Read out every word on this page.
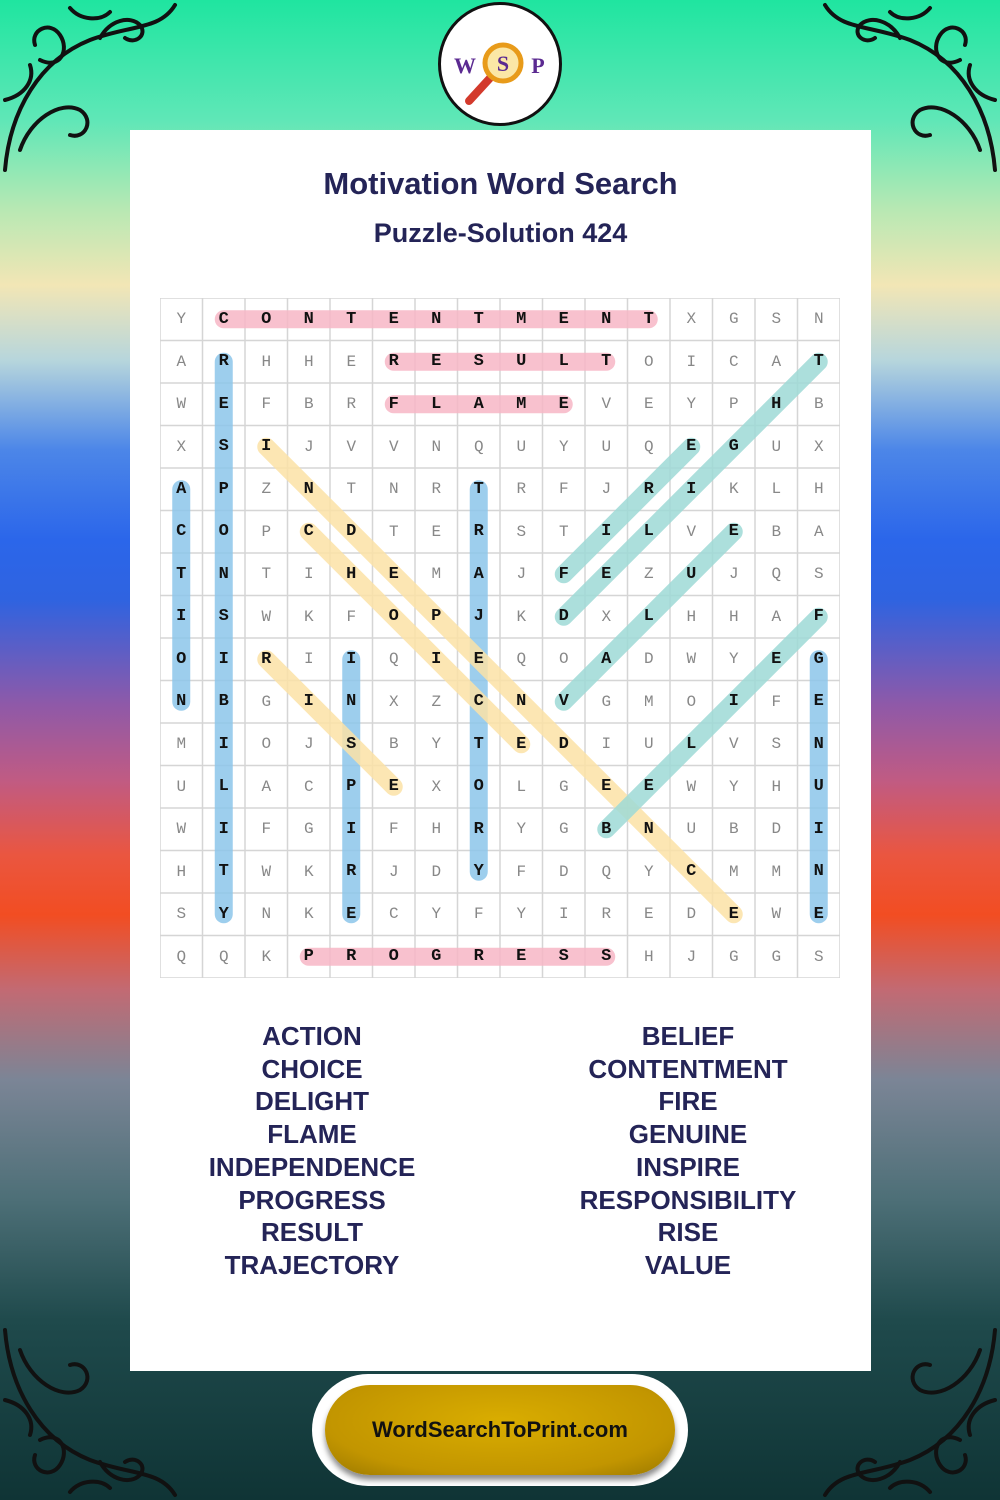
W S P
Motivation Word Search
Puzzle-Solution 424
Y	C	O	N	T	E	N	T	M	E	N	T	X	G	S	N
A	R	H	H	E	R	E	S	U	L	T	O	I	C	A	T
W	E	F	B	R	F	L	A	M	E	V	E	Y	P	H	B
X	S	I	J	V	V	N	Q	U	Y	U	Q	E	G	U	X
A	P	Z	N	T	N	R	T	R	F	J	R	I	K	L	H
C	O	P	C	D	T	E	R	S	T	I	L	V	E	B	A
T	N	T	I	H	E	M	A	J	F	E	Z	U	J	Q	S
I	S	W	K	F	O	P	J	K	D	X	L	H	H	A	F
O	I	R	I	I	Q	I	E	Q	O	A	D	W	Y	E	G
N	B	G	I	N	X	Z	C	N	V	G	M	O	I	F	E
M	I	O	J	S	B	Y	T	E	D	I	U	L	V	S	N
U	L	A	C	P	E	X	O	L	G	E	E	W	Y	H	U
W	I	F	G	I	F	H	R	Y	G	B	N	U	B	D	I
H	T	W	K	R	J	D	Y	F	D	Q	Y	C	M	M	N
S	Y	N	K	E	C	Y	F	Y	I	R	E	D	E	W	E
Q	Q	K	P	R	O	G	R	E	S	S	H	J	G	G	S
ACTION
CHOICE
DELIGHT
FLAME
INDEPENDENCE
PROGRESS
RESULT
TRAJECTORY
BELIEF
CONTENTMENT
FIRE
GENUINE
INSPIRE
RESPONSIBILITY
RISE
VALUE
WordSearchToPrint.com
